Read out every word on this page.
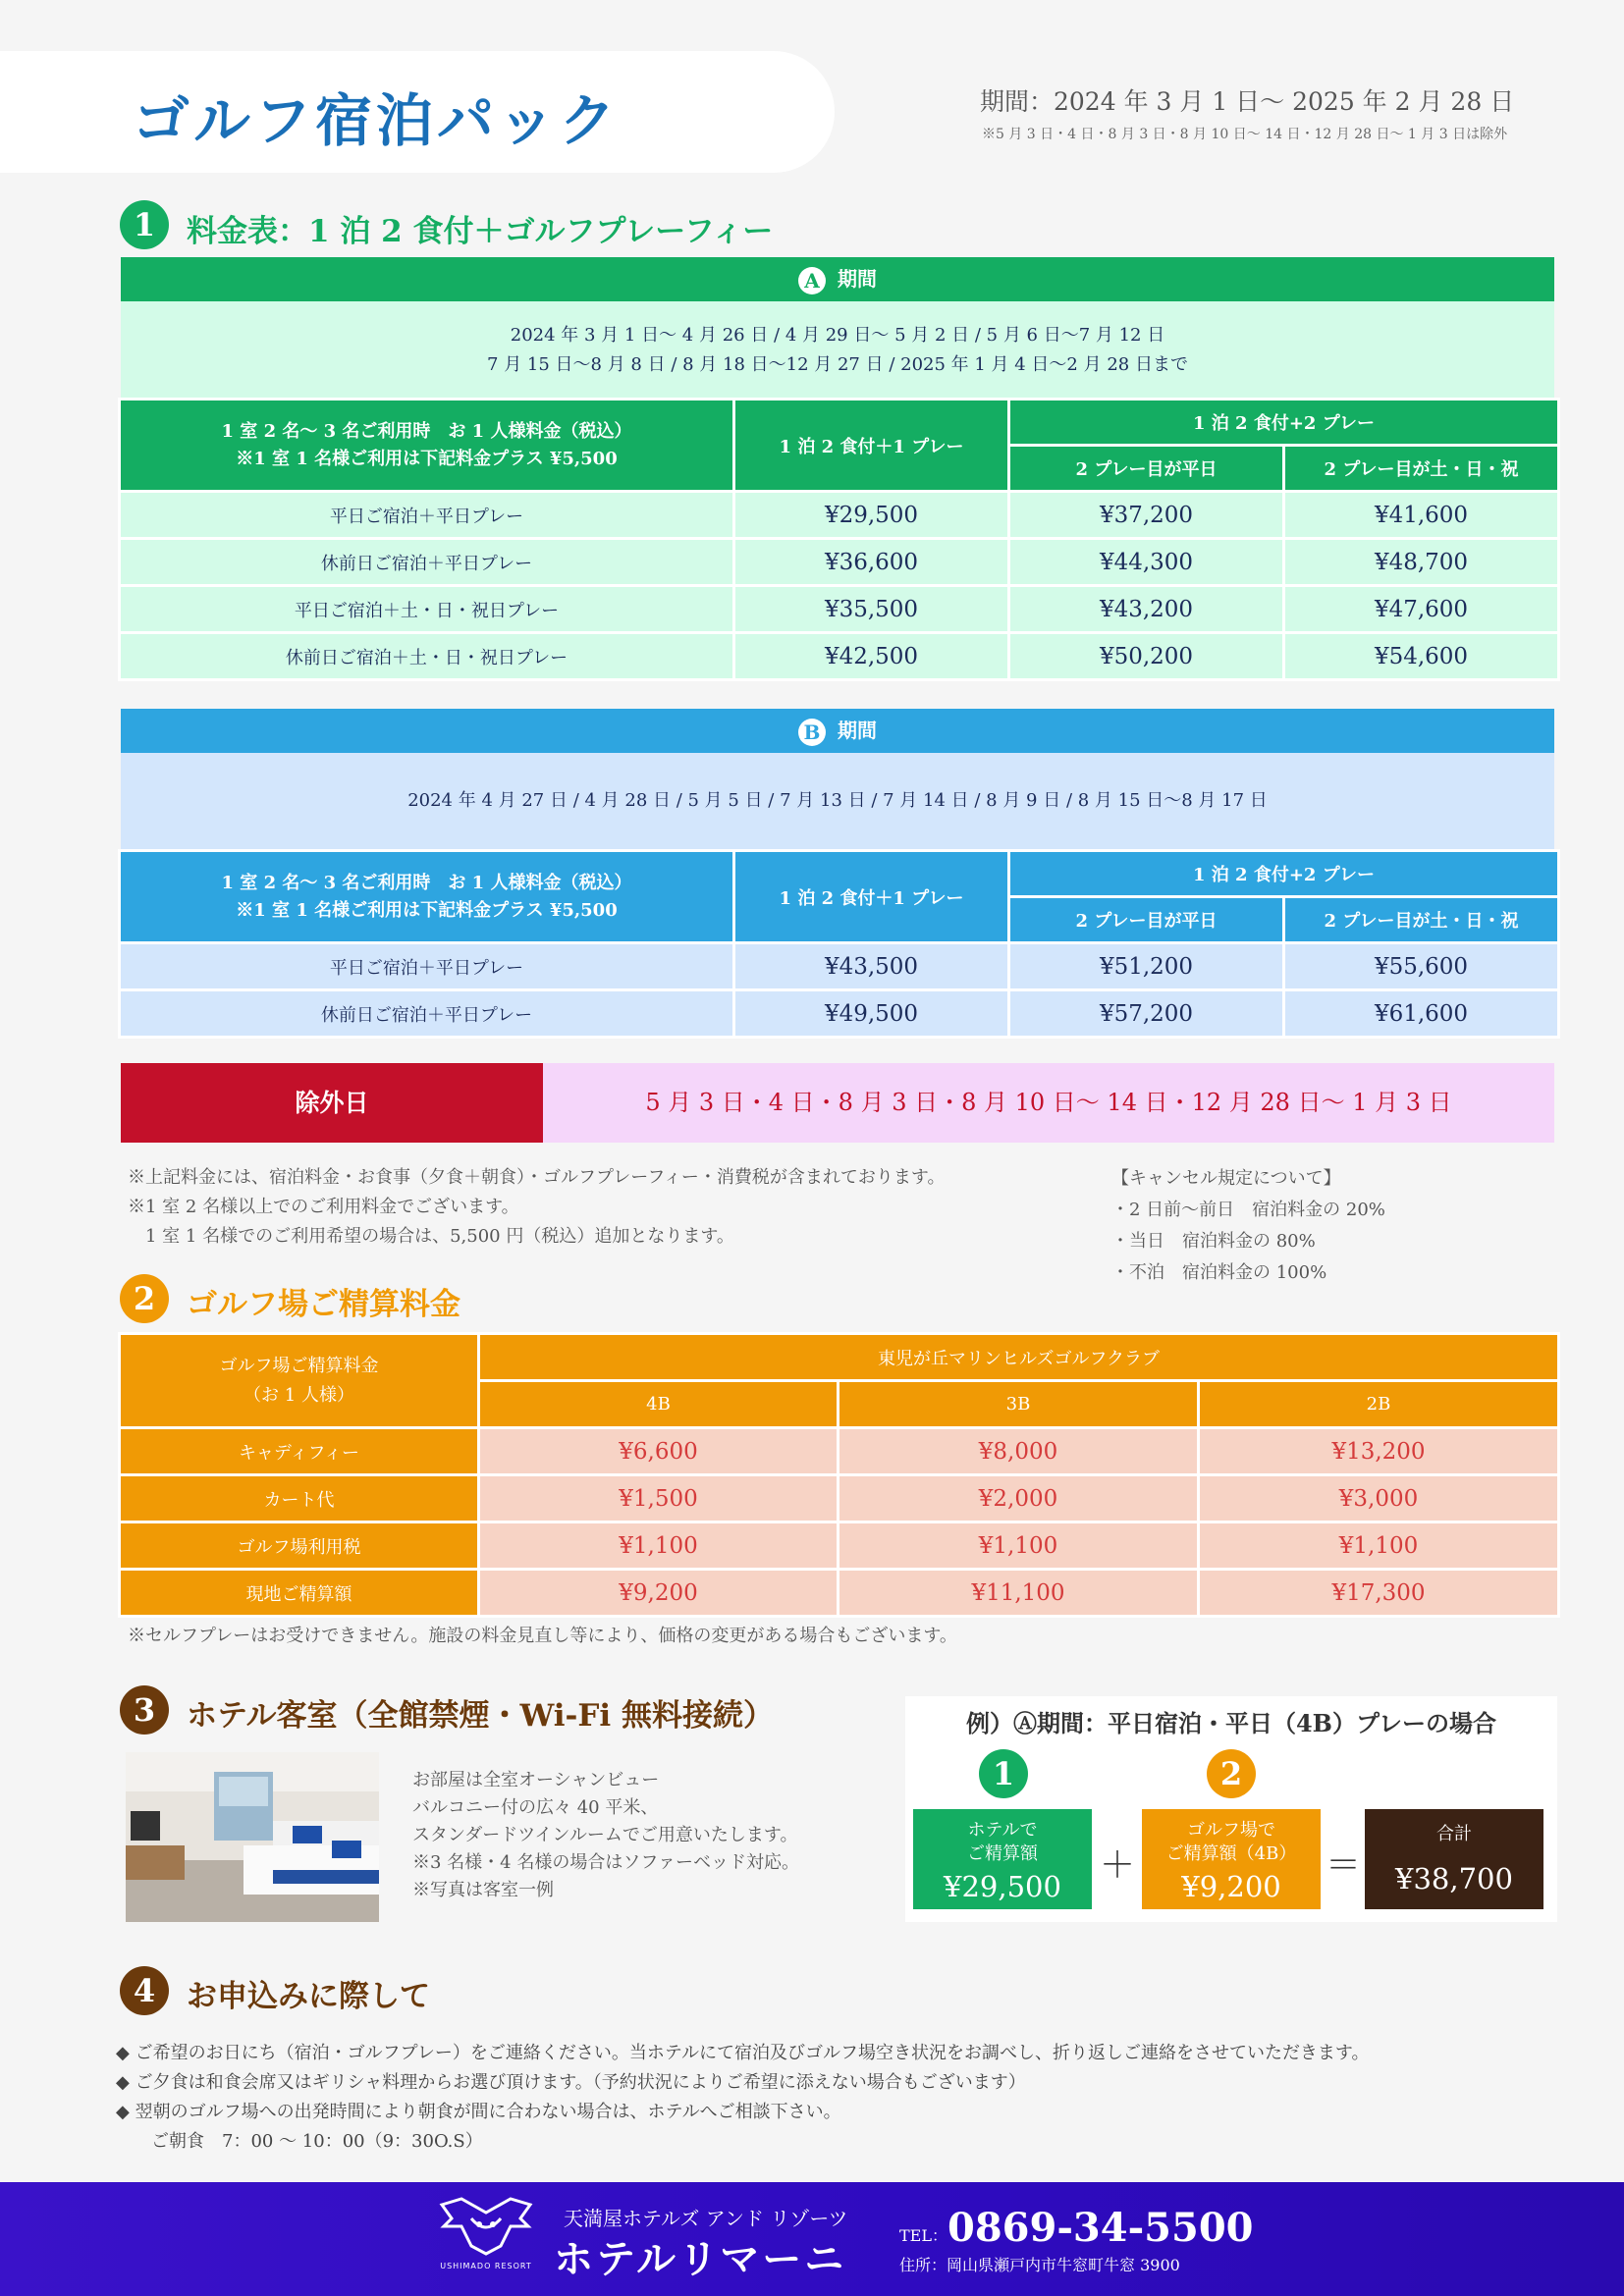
ゴルフ宿泊パック	期間：2024 年 3 月 1 日〜 2025 年 2 月 28 日
※5 月 3 日・4 日・8 月 3 日・8 月 10 日〜 14 日・12 月 28 日〜 1 月 3 日は除外
1	料金表：1 泊 2 食付＋ゴルフプレーフィー
A 期間
2024 年 3 月 1 日〜 4 月 26 日 / 4 月 29 日〜 5 月 2 日 / 5 月 6 日〜7 月 12 日
7 月 15 日〜8 月 8 日 / 8 月 18 日〜12 月 27 日 / 2025 年 1 月 4 日〜2 月 28 日まで
1 室 2 名〜 3 名ご利用時　お 1 人様料金（税込）
※1 室 1 名様ご利用は下記料金プラス ¥5,500	1 泊 2 食付＋1 プレー	1 泊 2 食付+2 プレー	
		2 プレー目が平日	2 プレー目が土・日・祝
平日ご宿泊＋平日プレー	¥29,500	¥37,200	¥41,600
休前日ご宿泊＋平日プレー	¥36,600	¥44,300	¥48,700
平日ご宿泊＋土・日・祝日プレー	¥35,500	¥43,200	¥47,600
休前日ご宿泊＋土・日・祝日プレー	¥42,500	¥50,200	¥54,600
B 期間
2024 年 4 月 27 日 / 4 月 28 日 / 5 月 5 日 / 7 月 13 日 / 7 月 14 日 / 8 月 9 日 / 8 月 15 日〜8 月 17 日
1 室 2 名〜 3 名ご利用時　お 1 人様料金（税込）
※1 室 1 名様ご利用は下記料金プラス ¥5,500	1 泊 2 食付＋1 プレー	1 泊 2 食付+2 プレー	
		2 プレー目が平日	2 プレー目が土・日・祝
平日ご宿泊＋平日プレー	¥43,500	¥51,200	¥55,600
休前日ご宿泊＋平日プレー	¥49,500	¥57,200	¥61,600
除外日	5 月 3 日・4 日・8 月 3 日・8 月 10 日〜 14 日・12 月 28 日〜 1 月 3 日
※上記料金には、宿泊料金・お食事（夕食＋朝食）・ゴルフプレーフィー・消費税が含まれております。
※1 室 2 名様以上でのご利用料金でございます。
　1 室 1 名様でのご利用希望の場合は、5,500 円（税込）追加となります。
【キャンセル規定について】
・2 日前〜前日　宿泊料金の 20%
・当日　宿泊料金の 80%
・不泊　宿泊料金の 100%
2	ゴルフ場ご精算料金
ゴルフ場ご精算料金
（お 1 人様）	東児が丘マリンヒルズゴルフクラブ		
	4B	3B	2B
キャディフィー	¥6,600	¥8,000	¥13,200
カート代	¥1,500	¥2,000	¥3,000
ゴルフ場利用税	¥1,100	¥1,100	¥1,100
現地ご精算額	¥9,200	¥11,100	¥17,300
※セルフプレーはお受けできません。施設の料金見直し等により、価格の変更がある場合もございます。
3	ホテル客室（全館禁煙・Wi-Fi 無料接続）
お部屋は全室オーシャンビュー
バルコニー付の広々 40 平米、
スタンダードツインルームでご用意いたします。
※3 名様・4 名様の場合はソファーベッド対応。
※写真は客室一例
例）Ⓐ期間：平日宿泊・平日（4B）プレーの場合
1	2
ホテルで
ご精算額
¥29,500
＋
ゴルフ場で
ご精算額（4B）
¥9,200
＝
合計
¥38,700
4	お申込みに際して
◆ ご希望のお日にち（宿泊・ゴルフプレー）をご連絡ください。当ホテルにて宿泊及びゴルフ場空き状況をお調べし、折り返しご連絡をさせていただきます。
◆ ご夕食は和食会席又はギリシャ料理からお選び頂けます。（予約状況によりご希望に添えない場合もございます）
◆ 翌朝のゴルフ場への出発時間により朝食が間に合わない場合は、ホテルへご相談下さい。
　　ご朝食　7：00 〜 10：00（9：30O.S）
USHIMADO RESORT
天満屋ホテルズ アンド リゾーツ
ホテルリマーニ
TEL：0869-34-5500
住所：岡山県瀬戸内市牛窓町牛窓 3900
